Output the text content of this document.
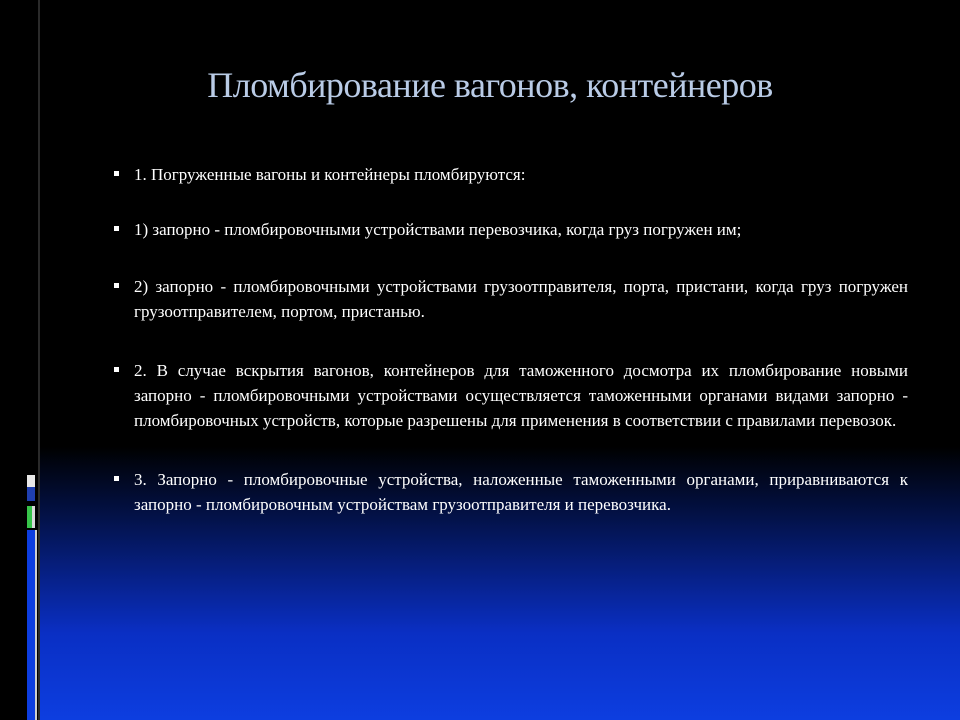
Пломбирование вагонов, контейнеров
1. Погруженные вагоны и контейнеры пломбируются:
1) запорно - пломбировочными устройствами перевозчика, когда груз погружен им;
2) запорно - пломбировочными устройствами грузоотправителя, порта, пристани, когда груз погружен грузоотправителем, портом, пристанью.
2. В случае вскрытия вагонов, контейнеров для таможенного досмотра их пломбирование новыми запорно - пломбировочными устройствами осуществляется таможенными органами видами запорно - пломбировочных устройств, которые разрешены для применения в соответствии с правилами перевозок.
3. Запорно - пломбировочные устройства, наложенные таможенными органами, приравниваются к запорно - пломбировочным устройствам грузоотправителя и перевозчика.
